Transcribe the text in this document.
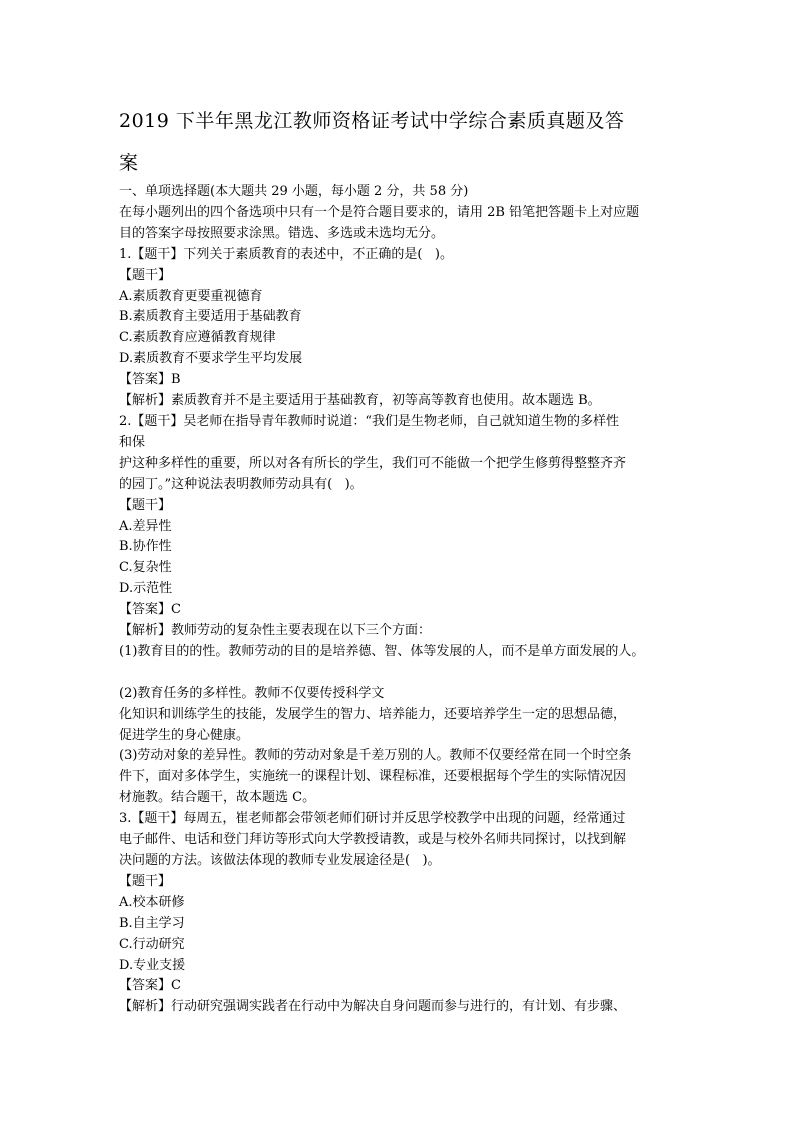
2019 下半年黑龙江教师资格证考试中学综合素质真题及答
案

一、单项选择题(本大题共 29 小题，每小题 2 分，共 58 分)

在每小题列出的四个备选项中只有一个是符合题目要求的，请用 2B 铅笔把答题卡上对应题

目的答案字母按照要求涂黑。错选、多选或未选均无分。

1.【题干】下列关于素质教育的表述中，不正确的是(   )。

【题干】

A.素质教育更要重视德育

B.素质教育主要适用于基础教育

C.素质教育应遵循教育规律

D.素质教育不要求学生平均发展

【答案】B

【解析】素质教育并不是主要适用于基础教育，初等高等教育也使用。故本题选 B。

2.【题干】吴老师在指导青年教师时说道：“我们是生物老师，自己就知道生物的多样性

和保

护这种多样性的重要，所以对各有所长的学生，我们可不能做一个把学生修剪得整整齐齐

的园丁。”这种说法表明教师劳动具有(   )。

【题干】

A.差异性

B.协作性

C.复杂性

D.示范性

【答案】C

【解析】教师劳动的复杂性主要表现在以下三个方面：

(1)教育目的的性。教师劳动的目的是培养德、智、体等发展的人，而不是单方面发展的人。

(2)教育任务的多样性。教师不仅要传授科学文

化知识和训练学生的技能，发展学生的智力、培养能力，还要培养学生一定的思想品德，

促进学生的身心健康。

(3)劳动对象的差异性。教师的劳动对象是千差万别的人。教师不仅要经常在同一个时空条

件下，面对多体学生，实施统一的课程计划、课程标准，还要根据每个学生的实际情况因

材施教。结合题干，故本题选 C。

3.【题干】每周五，崔老师都会带领老师们研讨并反思学校教学中出现的问题，经常通过

电子邮件、电话和登门拜访等形式向大学教授请教，或是与校外名师共同探讨，以找到解

决问题的方法。该做法体现的教师专业发展途径是(   )。

【题干】

A.校本研修

B.自主学习

C.行动研究

D.专业支援

【答案】C

【解析】行动研究强调实践者在行动中为解决自身问题而参与进行的，有计划、有步骤、
